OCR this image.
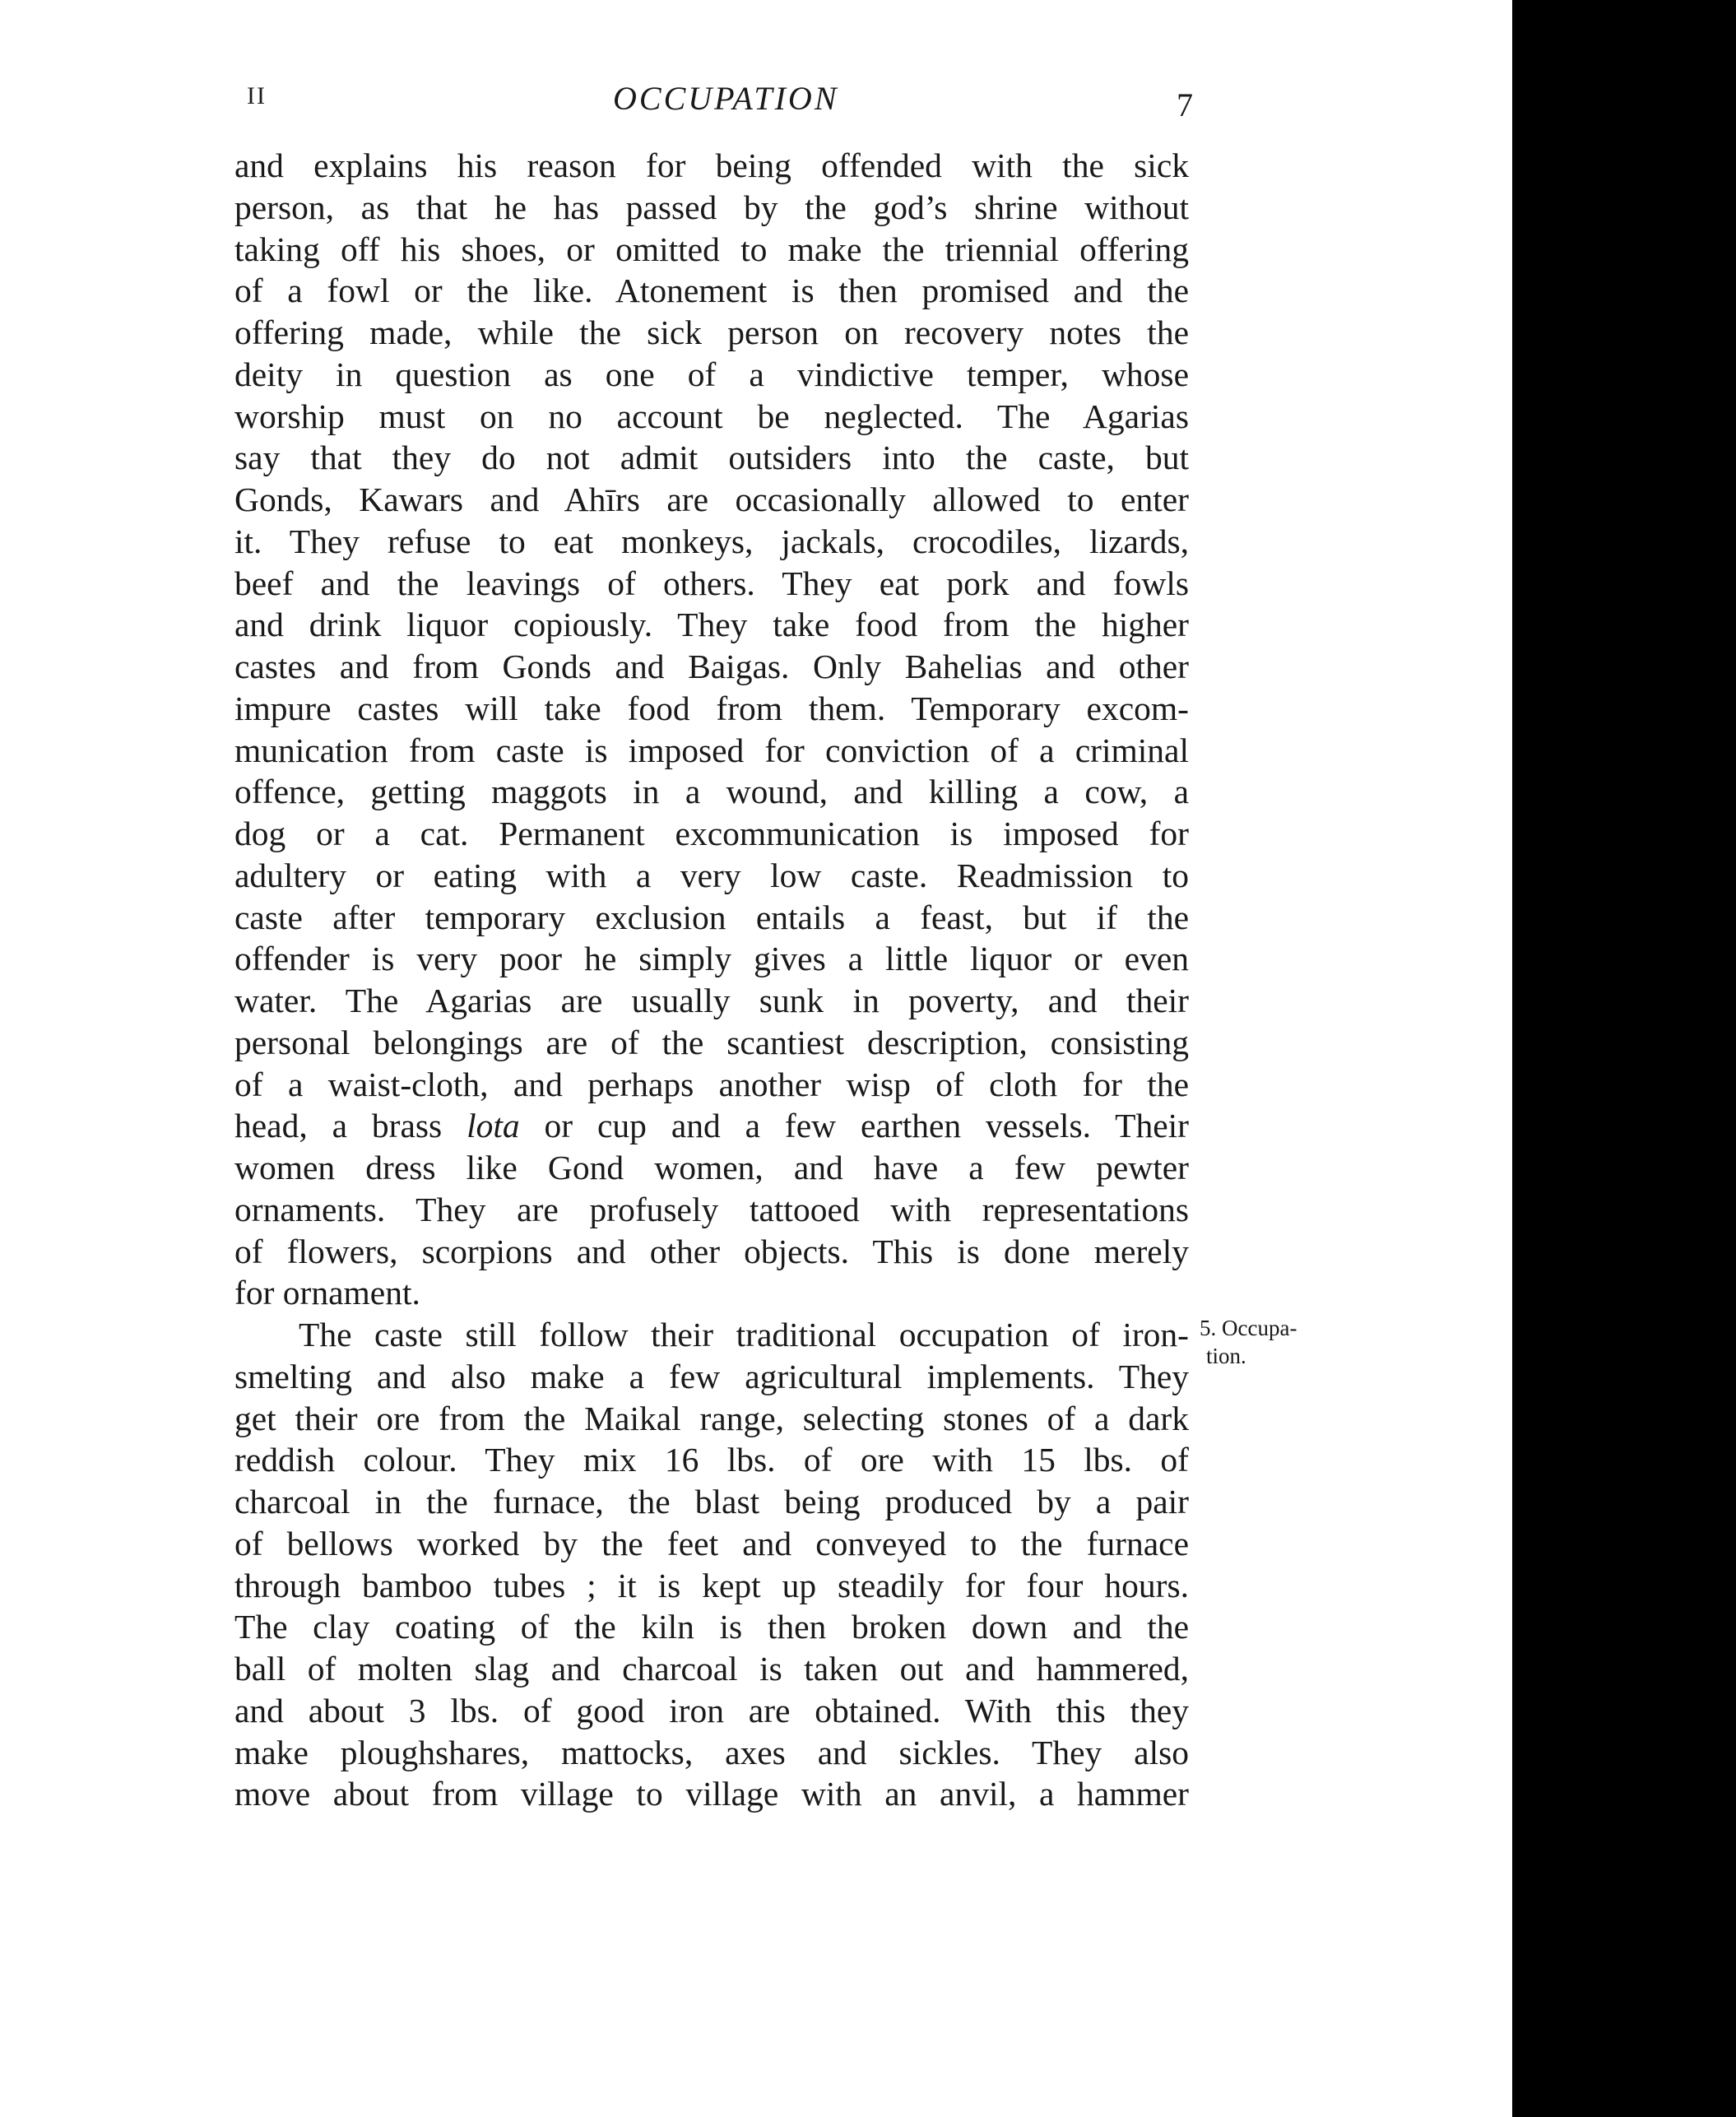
II	OCCUPATION	7
and explains his reason for being offended with the sick
person, as that he has passed by the god’s shrine without
taking off his shoes, or omitted to make the triennial offering
of a fowl or the like. Atonement is then promised and the
offering made, while the sick person on recovery notes the
deity in question as one of a vindictive temper, whose
worship must on no account be neglected. The Agarias
say that they do not admit outsiders into the caste, but
Gonds, Kawars and Ahīrs are occasionally allowed to enter
it. They refuse to eat monkeys, jackals, crocodiles, lizards,
beef and the leavings of others. They eat pork and fowls
and drink liquor copiously. They take food from the higher
castes and from Gonds and Baigas. Only Bahelias and other
impure castes will take food from them. Temporary excom-
munication from caste is imposed for conviction of a criminal
offence, getting maggots in a wound, and killing a cow, a
dog or a cat. Permanent excommunication is imposed for
adultery or eating with a very low caste. Readmission to
caste after temporary exclusion entails a feast, but if the
offender is very poor he simply gives a little liquor or even
water. The Agarias are usually sunk in poverty, and their
personal belongings are of the scantiest description, consisting
of a waist-cloth, and perhaps another wisp of cloth for the
head, a brass lota or cup and a few earthen vessels. Their
women dress like Gond women, and have a few pewter
ornaments. They are profusely tattooed with representations
of flowers, scorpions and other objects. This is done merely
for ornament.
The caste still follow their traditional occupation of iron-
smelting and also make a few agricultural implements. They
get their ore from the Maikal range, selecting stones of a dark
reddish colour. They mix 16 lbs. of ore with 15 lbs. of
charcoal in the furnace, the blast being produced by a pair
of bellows worked by the feet and conveyed to the furnace
through bamboo tubes ; it is kept up steadily for four hours.
The clay coating of the kiln is then broken down and the
ball of molten slag and charcoal is taken out and hammered,
and about 3 lbs. of good iron are obtained. With this they
make ploughshares, mattocks, axes and sickles. They also
move about from village to village with an anvil, a hammer
5. Occupa-
tion.
